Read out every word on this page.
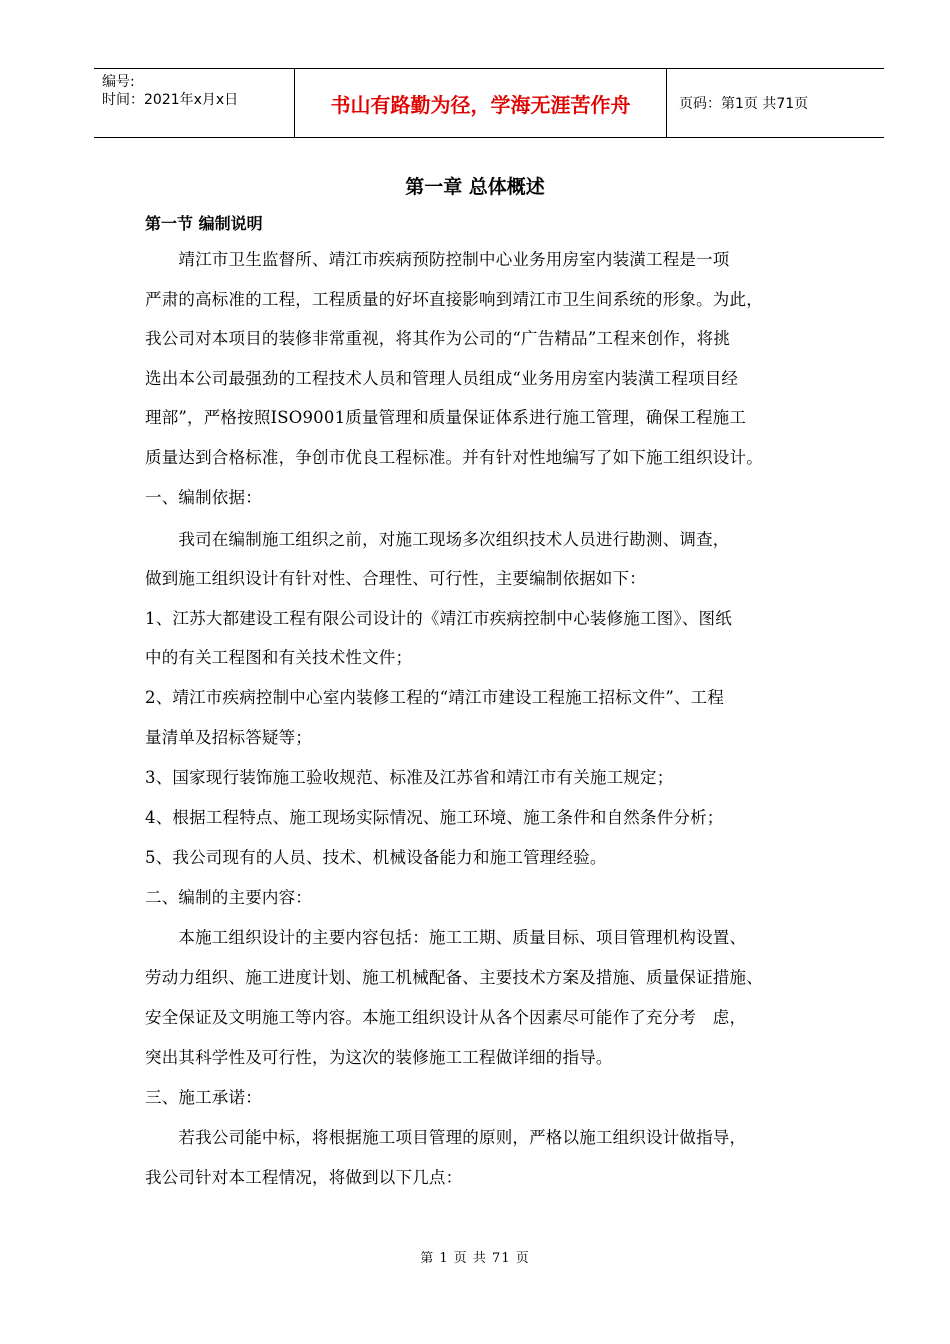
编号:
时间：2021年x月x日	书山有路勤为径，学海无涯苦作舟	页码：第1页 共71页
第一章 总体概述
第一节 编制说明
　　靖江市卫生监督所、靖江市疾病预防控制中心业务用房室内装潢工程是一项
严肃的高标准的工程，工程质量的好坏直接影响到靖江市卫生间系统的形象。为此，
我公司对本项目的装修非常重视，将其作为公司的“广告精品”工程来创作，将挑
选出本公司最强劲的工程技术人员和管理人员组成“业务用房室内装潢工程项目经
理部”，严格按照ISO9001质量管理和质量保证体系进行施工管理，确保工程施工
质量达到合格标准，争创市优良工程标准。并有针对性地编写了如下施工组织设计。
一、编制依据：
　　我司在编制施工组织之前，对施工现场多次组织技术人员进行勘测、调查，
做到施工组织设计有针对性、合理性、可行性，主要编制依据如下：
1、江苏大都建设工程有限公司设计的《靖江市疾病控制中心装修施工图》、图纸
中的有关工程图和有关技术性文件；
2、靖江市疾病控制中心室内装修工程的“靖江市建设工程施工招标文件”、工程
量清单及招标答疑等；
3、国家现行装饰施工验收规范、标准及江苏省和靖江市有关施工规定；
4、根据工程特点、施工现场实际情况、施工环境、施工条件和自然条件分析；
5、我公司现有的人员、技术、机械设备能力和施工管理经验。
二、编制的主要内容：
　　本施工组织设计的主要内容包括：施工工期、质量目标、项目管理机构设置、
劳动力组织、施工进度计划、施工机械配备、主要技术方案及措施、质量保证措施、
安全保证及文明施工等内容。本施工组织设计从各个因素尽可能作了充分考　虑，
突出其科学性及可行性，为这次的装修施工工程做详细的指导。
三、施工承诺：
　　若我公司能中标，将根据施工项目管理的原则，严格以施工组织设计做指导，
我公司针对本工程情况，将做到以下几点：
第 1 页 共 71 页
